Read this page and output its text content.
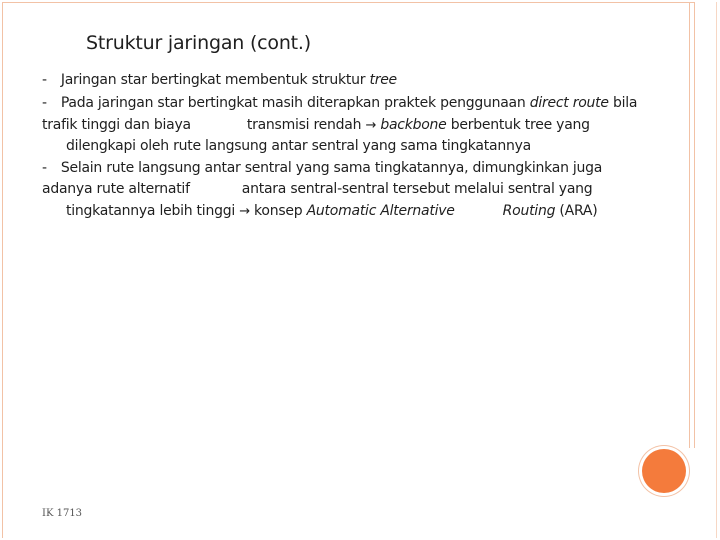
Struktur jaringan (cont.)
- Jaringan star bertingkat membentuk struktur tree
- Pada jaringan star bertingkat masih diterapkan praktek penggunaan direct route bila
trafik tinggi dan biaya	transmisi rendah → backbone berbentuk tree yang
dilengkapi oleh rute langsung antar sentral yang sama tingkatannya
- Selain rute langsung antar sentral yang sama tingkatannya, dimungkinkan juga
adanya rute alternatif	antara sentral-sentral tersebut melalui sentral yang
tingkatannya lebih tinggi → konsep Automatic Alternative	Routing (ARA)
IK 1713
